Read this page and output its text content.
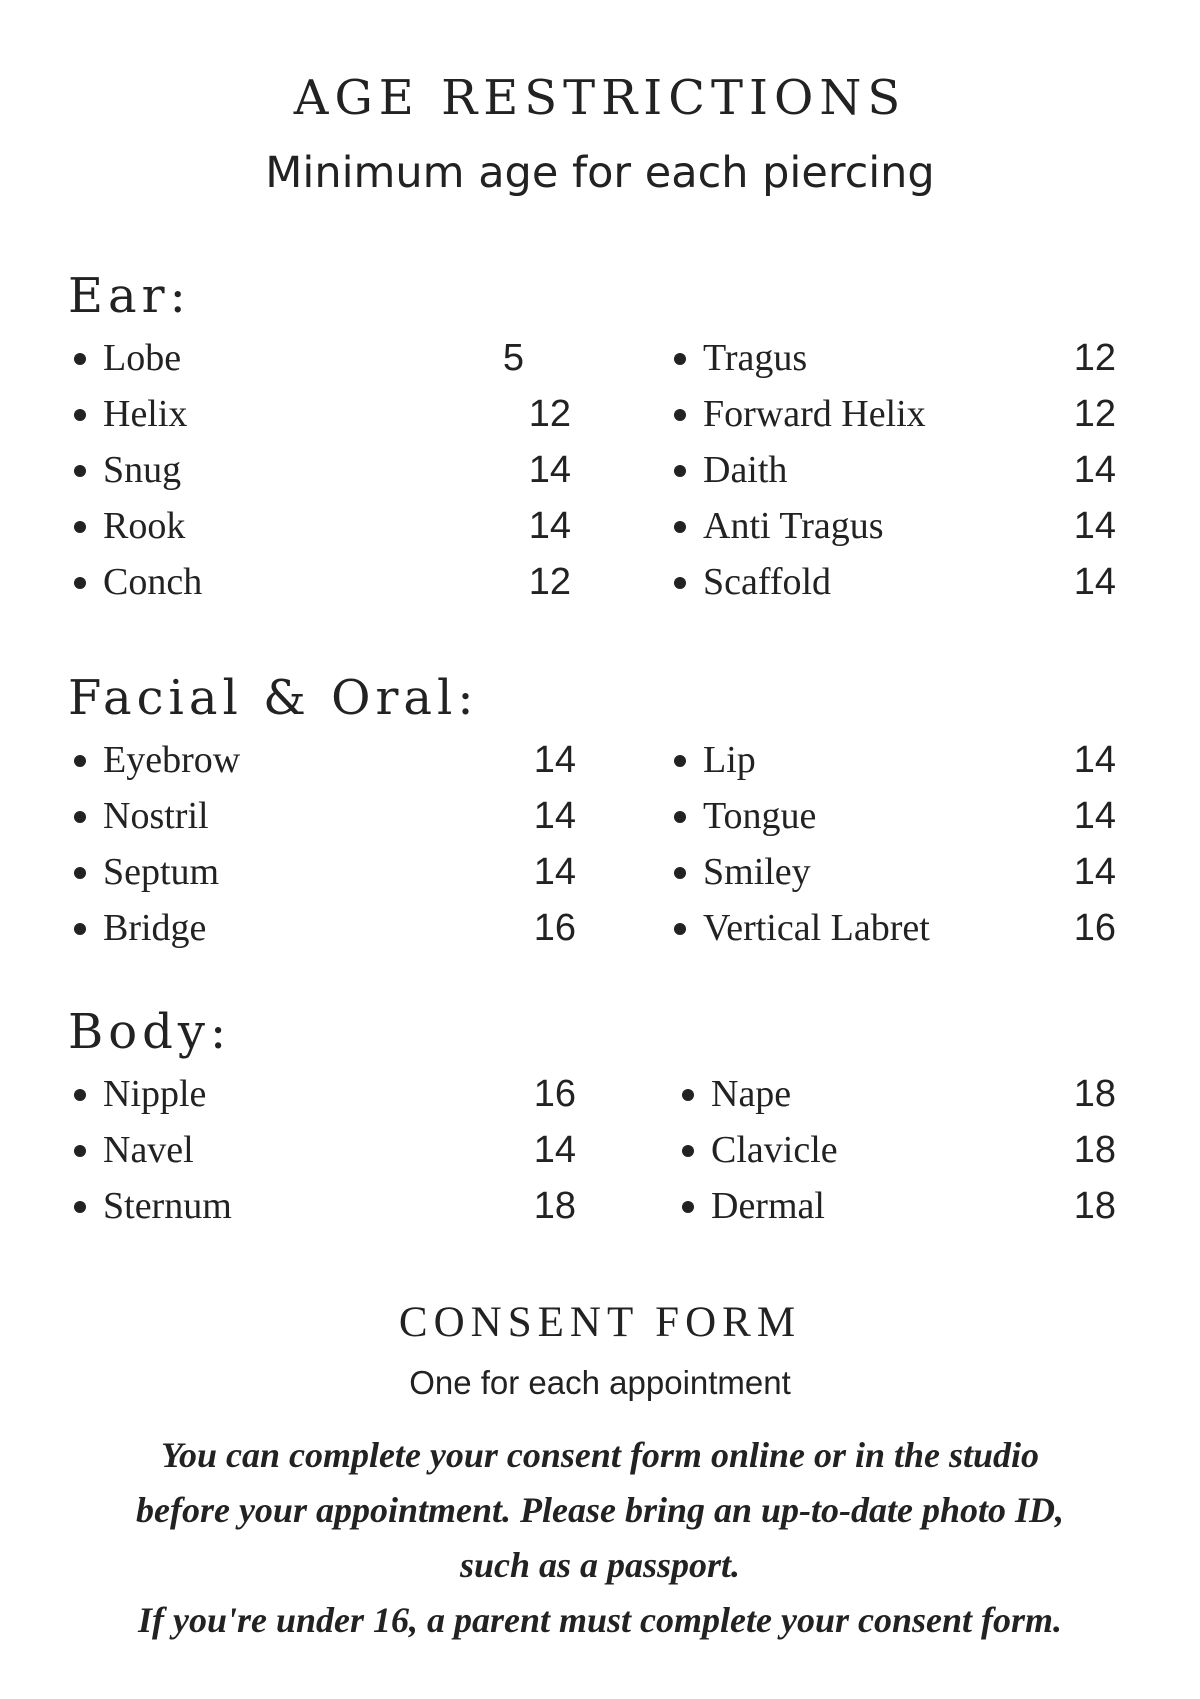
AGE RESTRICTIONS
Minimum age for each piercing
Ear:
Lobe	5
Helix	12
Snug	14
Rook	14
Conch	12
Tragus	12
Forward Helix	12
Daith	14
Anti Tragus	14
Scaffold	14
Facial & Oral:
Eyebrow	14
Nostril	14
Septum	14
Bridge	16
Lip	14
Tongue	14
Smiley	14
Vertical Labret	16
Body:
Nipple	16
Navel	14
Sternum	18
Nape	18
Clavicle	18
Dermal	18
CONSENT FORM
One for each appointment
You can complete your consent form online or in the studio
before your appointment. Please bring an up-to-date photo ID,
such as a passport.
If you're under 16, a parent must complete your consent form.
